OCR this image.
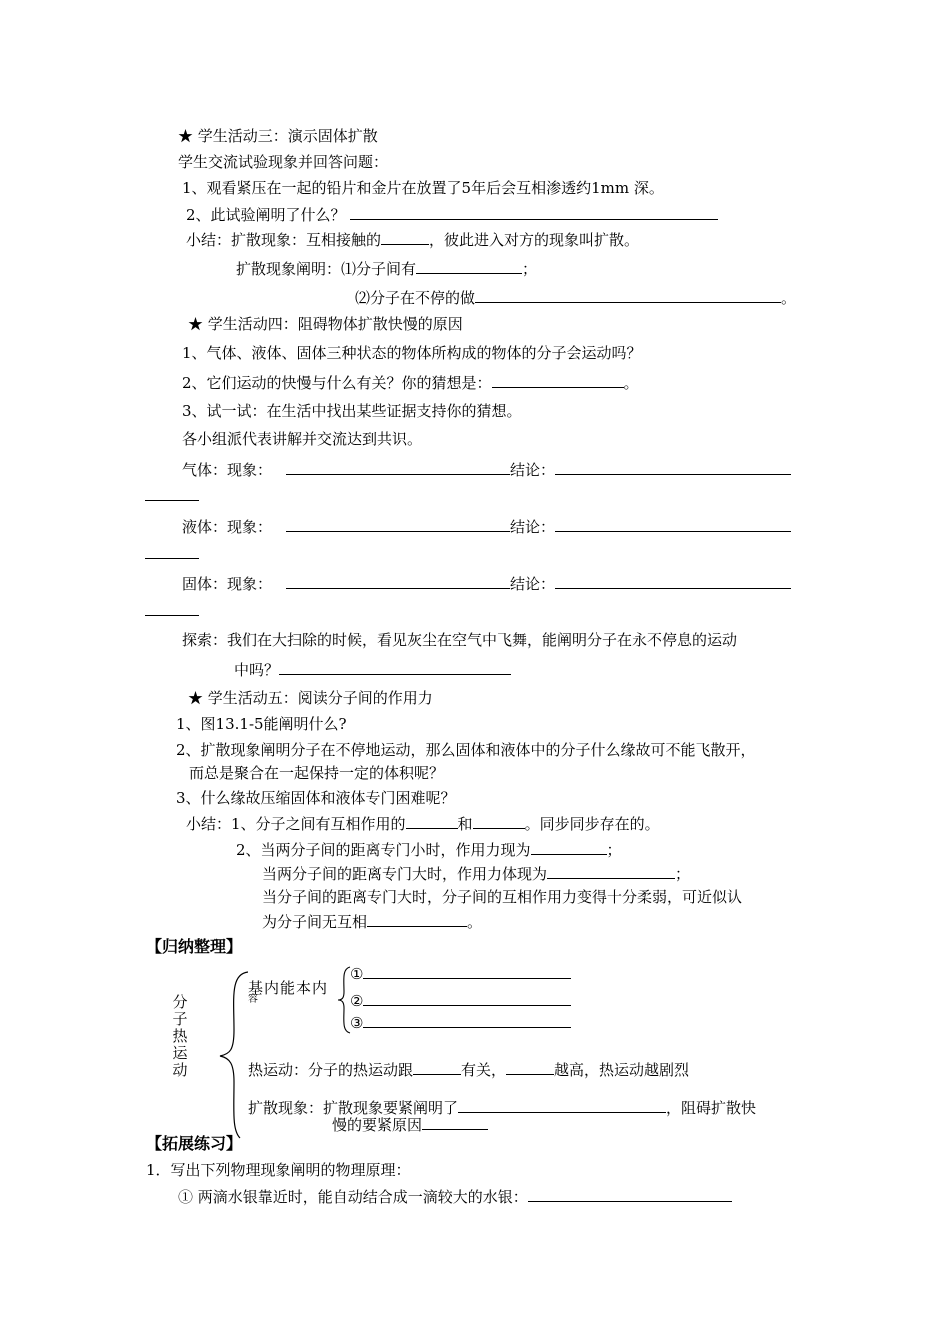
★ 学生活动三：演示固体扩散
学生交流试验现象并回答问题：
1、观看紧压在一起的铅片和金片在放置了5年后会互相渗透约1mm 深。
2、此试验阐明了什么？
小结：扩散现象：互相接触的	，彼此进入对方的现象叫扩散。
扩散现象阐明：⑴分子间有	；
⑵分子在不停的做	。
★ 学生活动四：阻碍物体扩散快慢的原因
1、气体、液体、固体三种状态的物体所构成的物体的分子会运动吗？
2、它们运动的快慢与什么有关？你的猜想是：	。
3、试一试：在生活中找出某些证据支持你的猜想。
各小组派代表讲解并交流达到共识。
气体：现象：	结论：
液体：现象：	结论：
固体：现象：	结论：
探索：我们在大扫除的时候，看见灰尘在空气中飞舞，能阐明分子在永不停息的运动
中吗？
★ 学生活动五：阅读分子间的作用力
1、图13.1-5能阐明什么?
2、扩散现象阐明分子在不停地运动，那么固体和液体中的分子什么缘故可不能飞散开，
而总是聚合在一起保持一定的体积呢？
3、什么缘故压缩固体和液体专门困难呢？
小结：1、分子之间有互相作用的	和	。同步同步存在的。
2、当两分子间的距离专门小时，作用力现为	；
当两分子间的距离专门大时，作用力体现为	；
当分子间的距离专门大时，分子间的互相作用力变得十分柔弱，可近似认
为分子间无互相	。
【归纳整理】
分子热运动
基内能本内
容
①
②
③
热运动：分子的热运动跟	有关，	越高，热运动越剧烈
扩散现象：扩散现象要紧阐明了	，阻碍扩散快
慢的要紧原因
【拓展练习】
1．写出下列物理现象阐明的物理原理：
① 两滴水银靠近时，能自动结合成一滴较大的水银：
